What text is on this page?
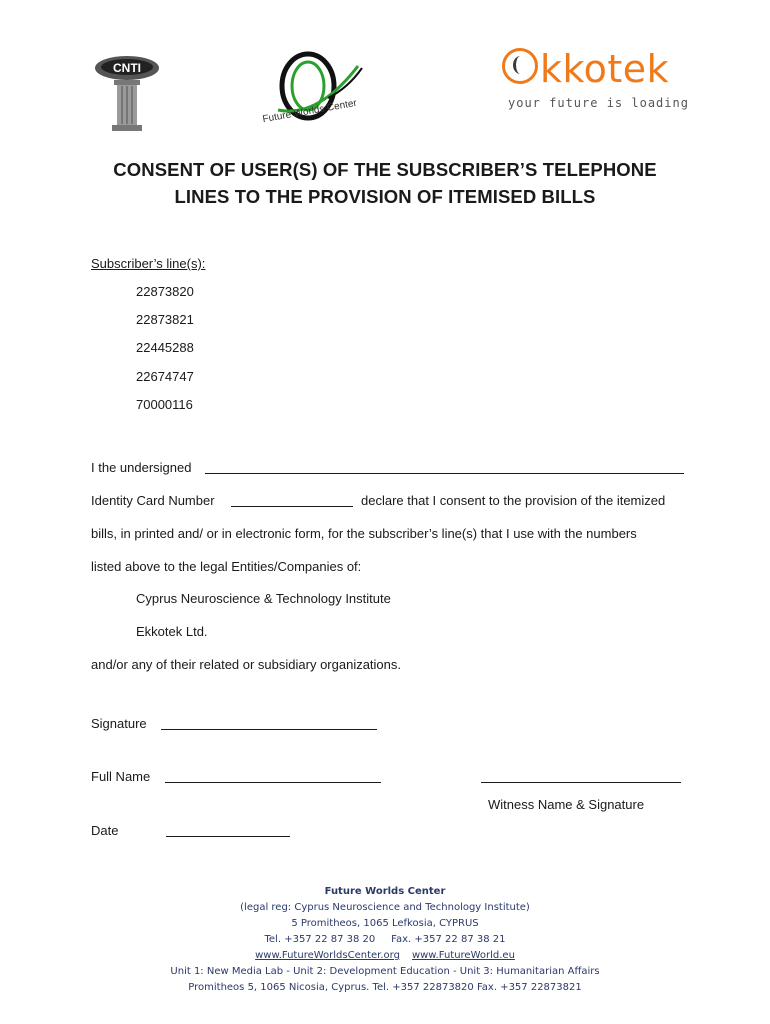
CNTI
Future Worlds Center
kkotek
your future is loading
CONSENT OF USER(S) OF THE SUBSCRIBER’S TELEPHONE
LINES TO THE PROVISION OF ITEMISED BILLS
Subscriber’s line(s):
22873820
22873821
22445288
22674747
70000116
I the undersigned
Identity Card Number	declare that I consent to the provision of the itemized
bills, in printed and/ or in electronic form, for the subscriber’s line(s) that I use with the numbers
listed above to the legal Entities/Companies of:
Cyprus Neuroscience & Technology Institute
Ekkotek Ltd.
and/or any of their related or subsidiary organizations.
Signature
Full Name
Witness Name & Signature
Date
Future Worlds Center
(legal reg: Cyprus Neuroscience and Technology Institute)
5 Promitheos, 1065 Lefkosia, CYPRUS
Tel. +357 22 87 38 20     Fax. +357 22 87 38 21
www.FutureWorldsCenter.org www.FutureWorld.eu
Unit 1: New Media Lab - Unit 2: Development Education - Unit 3: Humanitarian Affairs
Promitheos 5, 1065 Nicosia, Cyprus. Tel. +357 22873820 Fax. +357 22873821
